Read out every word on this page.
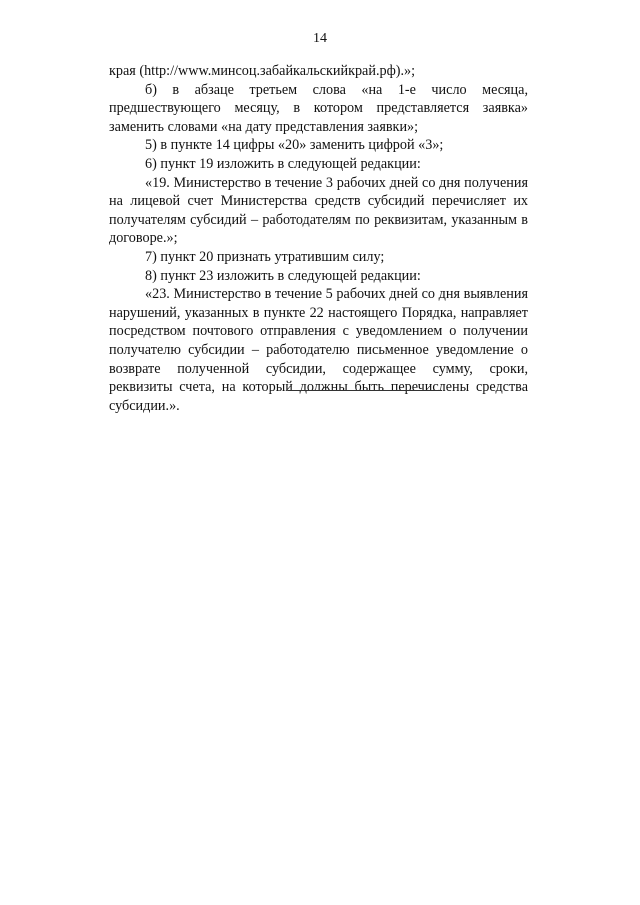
14

края (http://www.минсоц.забайкальскийкрай.рф).»;

б) в абзаце третьем слова «на 1-е число месяца, предшествующего месяцу, в котором представляется заявка» заменить словами «на дату представления заявки»;

5) в пункте 14 цифры «20» заменить цифрой «3»;

6) пункт 19 изложить в следующей редакции:

«19. Министерство в течение 3 рабочих дней со дня получения на лицевой счет Министерства средств субсидий перечисляет их получателям субсидий – работодателям по реквизитам, указанным в договоре.»;

7) пункт 20 признать утратившим силу;

8) пункт 23 изложить в следующей редакции:

«23. Министерство в течение 5 рабочих дней со дня выявления нарушений, указанных в пункте 22 настоящего Порядка, направляет посредством почтового отправления с уведомлением о получении получателю субсидии – работодателю письменное уведомление о возврате полученной субсидии, содержащее сумму, сроки, реквизиты счета, на который должны быть перечислены средства субсидии.».
